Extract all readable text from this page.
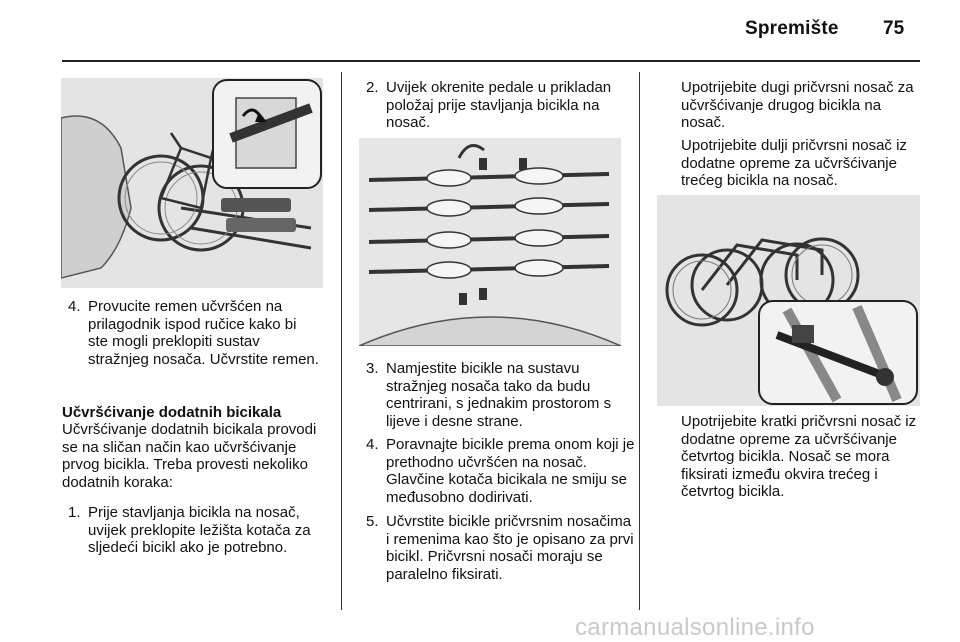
Spremište 75
4. Provucite remen učvršćen na prilagodnik ispod ručice kako bi ste mogli preklopiti sustav stražnjeg nosača. Učvrstite remen.
Učvršćivanje dodatnih bicikala
Učvršćivanje dodatnih bicikala provodi se na sličan način kao učvršćivanje prvog bicikla. Treba provesti nekoliko dodatnih koraka:
1. Prije stavljanja bicikla na nosač, uvijek preklopite ležišta kotača za sljedeći bicikl ako je potrebno.
2. Uvijek okrenite pedale u prikladan položaj prije stavljanja bicikla na nosač.
3. Namjestite bicikle na sustavu stražnjeg nosača tako da budu centrirani, s jednakim prostorom s lijeve i desne strane.
4. Poravnajte bicikle prema onom koji je prethodno učvršćen na nosač. Glavčine kotača bicikala ne smiju se međusobno dodirivati.
5. Učvrstite bicikle pričvrsnim nosačima i remenima kao što je opisano za prvi bicikl. Pričvrsni nosači moraju se paralelno fiksirati.
Upotrijebite dugi pričvrsni nosač za učvršćivanje drugog bicikla na nosač.
Upotrijebite dulji pričvrsni nosač iz dodatne opreme za učvršćivanje trećeg bicikla na nosač.
Upotrijebite kratki pričvrsni nosač iz dodatne opreme za učvršćivanje četvrtog bicikla. Nosač se mora fiksirati između okvira trećeg i četvrtog bicikla.
carmanualsonline.info
